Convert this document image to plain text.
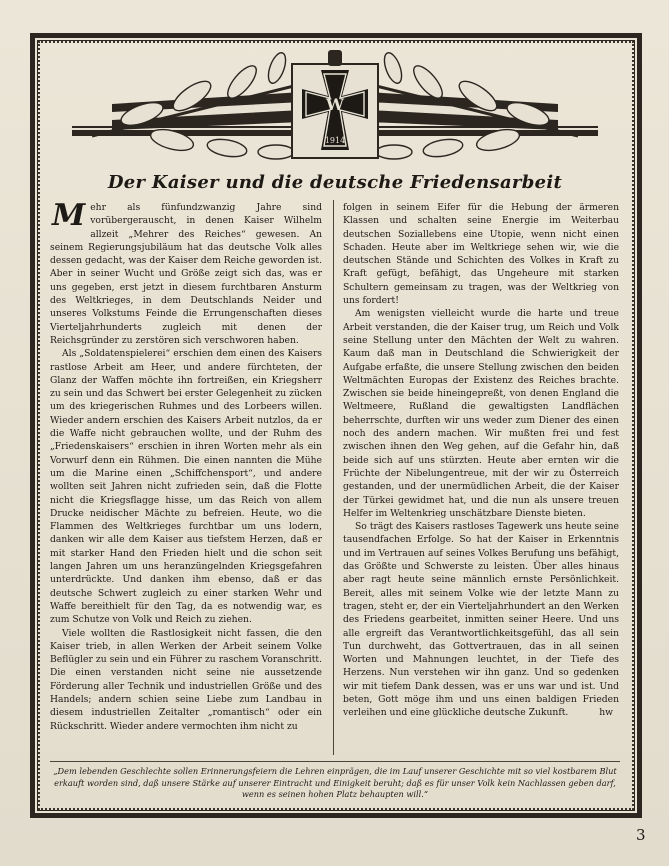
W
1914
Der Kaiser und die deutsche Friedensarbeit

Mehr als fünfundzwanzig Jahre sind vorübergerauscht, in denen Kaiser Wilhelm allzeit „Mehrer des Reiches“ gewesen. An seinem Regierungsjubiläum hat das deutsche Volk alles dessen gedacht, was der Kaiser dem Reiche geworden ist. Aber in seiner Wucht und Größe zeigt sich das, was er uns gegeben, erst jetzt in diesem furchtbaren Ansturm des Weltkrieges, in dem Deutschlands Neider und unseres Volkstums Feinde die Errungenschaften dieses Vierteljahrhunderts zugleich mit denen der Reichsgründer zu zerstören sich verschworen haben.

Als „Soldatenspielerei“ erschien dem einen des Kaisers rastlose Arbeit am Heer, und andere fürchteten, der Glanz der Waffen möchte ihn fortreißen, ein Kriegsherr zu sein und das Schwert bei erster Gelegenheit zu zücken um des kriegerischen Ruhmes und des Lorbeers willen. Wieder andern erschien des Kaisers Arbeit nutzlos, da er die Waffe nicht gebrauchen wollte, und der Ruhm des „Friedenskaisers“ erschien in ihren Worten mehr als ein Vorwurf denn ein Rühmen. Die einen nannten die Mühe um die Marine einen „Schiffchensport“, und andere wollten seit Jahren nicht zufrieden sein, daß die Flotte nicht die Kriegsflagge hisse, um das Reich von allem Drucke neidischer Mächte zu befreien. Heute, wo die Flammen des Weltkrieges furchtbar um uns lodern, danken wir alle dem Kaiser aus tiefstem Herzen, daß er mit starker Hand den Frieden hielt und die schon seit langen Jahren um uns heranzüngelnden Kriegsgefahren unterdrückte. Und danken ihm ebenso, daß er das deutsche Schwert zugleich zu einer starken Wehr und Waffe bereithielt für den Tag, da es notwendig war, es zum Schutze von Volk und Reich zu ziehen.

Viele wollten die Rastlosigkeit nicht fassen, die den Kaiser trieb, in allen Werken der Arbeit seinem Volke Beflügler zu sein und ein Führer zu raschem Voranschritt. Die einen verstanden nicht seine nie aussetzende Förderung aller Technik und industriellen Größe und des Handels; andern schien seine Liebe zum Landbau in diesem industriellen Zeitalter „romantisch“ oder ein Rückschritt. Wieder andere vermochten ihm nicht zu

folgen in seinem Eifer für die Hebung der ärmeren Klassen und schalten seine Energie im Weiterbau deutschen Soziallebens eine Utopie, wenn nicht einen Schaden. Heute aber im Weltkriege sehen wir, wie die deutschen Stände und Schichten des Volkes in Kraft zu Kraft gefügt, befähigt, das Ungeheure mit starken Schultern gemeinsam zu tragen, was der Weltkrieg von uns fordert!

Am wenigsten vielleicht wurde die harte und treue Arbeit verstanden, die der Kaiser trug, um Reich und Volk seine Stellung unter den Mächten der Welt zu wahren. Kaum daß man in Deutschland die Schwierigkeit der Aufgabe erfaßte, die unsere Stellung zwischen den beiden Weltmächten Europas der Existenz des Reiches brachte. Zwischen sie beide hineingepreßt, von denen England die Weltmeere, Rußland die gewaltigsten Landflächen beherrschte, durften wir uns weder zum Diener des einen noch des andern machen. Wir mußten frei und fest zwischen ihnen den Weg gehen, auf die Gefahr hin, daß beide sich auf uns stürzten. Heute aber ernten wir die Früchte der Nibelungentreue, mit der wir zu Österreich gestanden, und der unermüdlichen Arbeit, die der Kaiser der Türkei gewidmet hat, und die nun als unsere treuen Helfer im Weltenkrieg unschätzbare Dienste bieten.

So trägt des Kaisers rastloses Tagewerk uns heute seine tausendfachen Erfolge. So hat der Kaiser in Erkenntnis und im Vertrauen auf seines Volkes Berufung uns befähigt, das Größte und Schwerste zu leisten. Über alles hinaus aber ragt heute seine männlich ernste Persönlichkeit. Bereit, alles mit seinem Volke wie der letzte Mann zu tragen, steht er, der ein Vierteljahrhundert an den Werken des Friedens gearbeitet, inmitten seiner Heere. Und uns alle ergreift das Verantwortlichkeitsgefühl, das all sein Tun durchweht, das Gottvertrauen, das in all seinen Worten und Mahnungen leuchtet, in der Tiefe des Herzens. Nun verstehen wir ihn ganz. Und so gedenken wir mit tiefem Dank dessen, was er uns war und ist. Und beten, Gott möge ihm und uns einen baldigen Frieden verleihen und eine glückliche deutsche Zukunft.	hw

„Dem lebenden Geschlechte sollen Erinnerungsfeiern die Lehren einprägen, die im Lauf unserer Geschichte mit so viel kostbarem Blut erkauft worden sind, daß unsere Stärke auf unserer Eintracht und Einigkeit beruht; daß es für unser Volk kein Nachlassen geben darf, wenn es seinen hohen Platz behaupten will.“
3
